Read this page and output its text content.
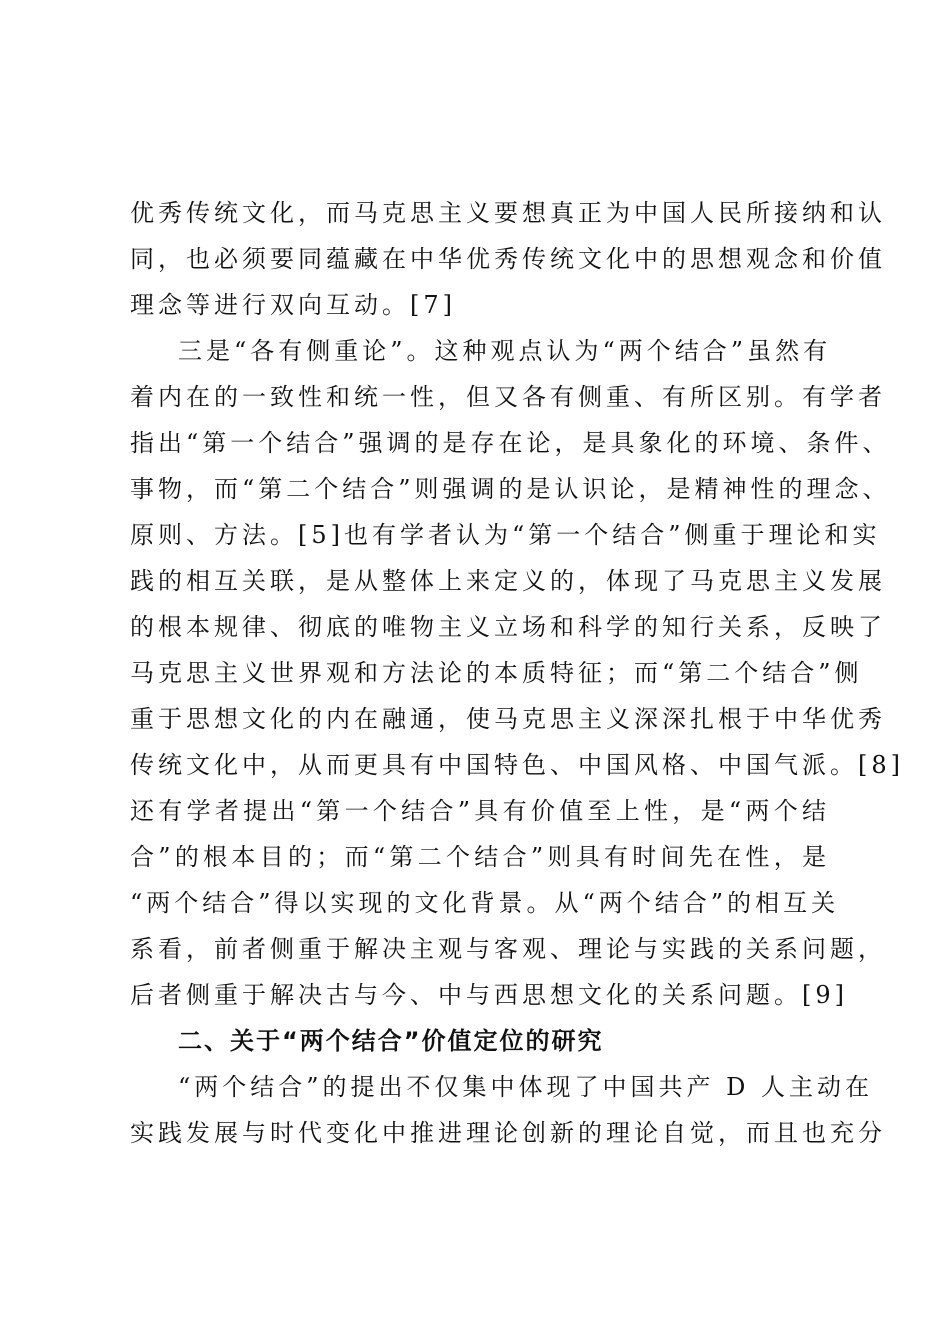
优秀传统文化，而马克思主义要想真正为中国人民所接纳和认
同，也必须要同蕴藏在中华优秀传统文化中的思想观念和价值
理念等进行双向互动。[7]
三是“各有侧重论”。这种观点认为“两个结合”虽然有
着内在的一致性和统一性，但又各有侧重、有所区别。有学者
指出“第一个结合”强调的是存在论，是具象化的环境、条件、
事物，而“第二个结合”则强调的是认识论，是精神性的理念、
原则、方法。[5]也有学者认为“第一个结合”侧重于理论和实
践的相互关联，是从整体上来定义的，体现了马克思主义发展
的根本规律、彻底的唯物主义立场和科学的知行关系，反映了
马克思主义世界观和方法论的本质特征；而“第二个结合”侧
重于思想文化的内在融通，使马克思主义深深扎根于中华优秀
传统文化中，从而更具有中国特色、中国风格、中国气派。[8]
还有学者提出“第一个结合”具有价值至上性，是“两个结
合”的根本目的；而“第二个结合”则具有时间先在性，是
“两个结合”得以实现的文化背景。从“两个结合”的相互关
系看，前者侧重于解决主观与客观、理论与实践的关系问题，
后者侧重于解决古与今、中与西思想文化的关系问题。[9]
二、关于“两个结合”价值定位的研究
“两个结合”的提出不仅集中体现了中国共产 D 人主动在
实践发展与时代变化中推进理论创新的理论自觉，而且也充分
